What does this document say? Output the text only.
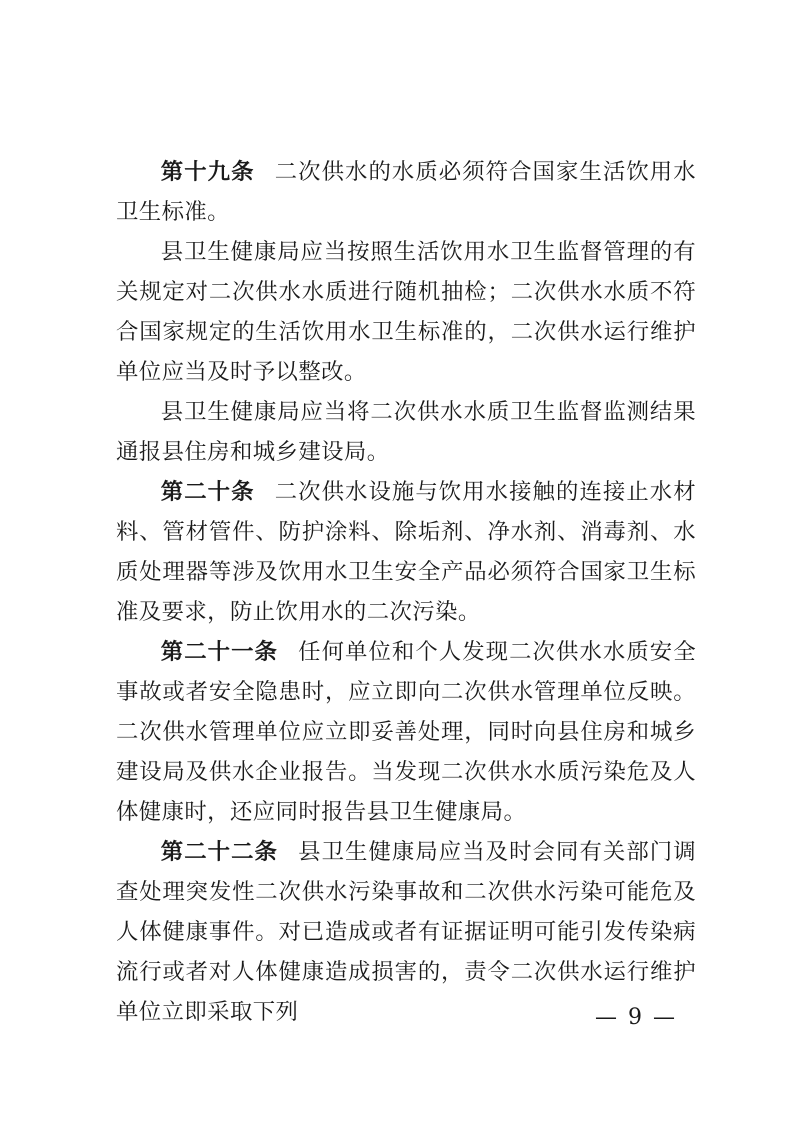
第十九条 二次供水的水质必须符合国家生活饮用水卫生标准。

县卫生健康局应当按照生活饮用水卫生监督管理的有关规定对二次供水水质进行随机抽检；二次供水水质不符合国家规定的生活饮用水卫生标准的，二次供水运行维护单位应当及时予以整改。

县卫生健康局应当将二次供水水质卫生监督监测结果通报县住房和城乡建设局。

第二十条 二次供水设施与饮用水接触的连接止水材料、管材管件、防护涂料、除垢剂、净水剂、消毒剂、水质处理器等涉及饮用水卫生安全产品必须符合国家卫生标准及要求，防止饮用水的二次污染。

第二十一条 任何单位和个人发现二次供水水质安全事故或者安全隐患时，应立即向二次供水管理单位反映。二次供水管理单位应立即妥善处理，同时向县住房和城乡建设局及供水企业报告。当发现二次供水水质污染危及人体健康时，还应同时报告县卫生健康局。

第二十二条 县卫生健康局应当及时会同有关部门调查处理突发性二次供水污染事故和二次供水污染可能危及人体健康事件。对已造成或者有证据证明可能引发传染病流行或者对人体健康造成损害的，责令二次供水运行维护单位立即采取下列	— 9 —
